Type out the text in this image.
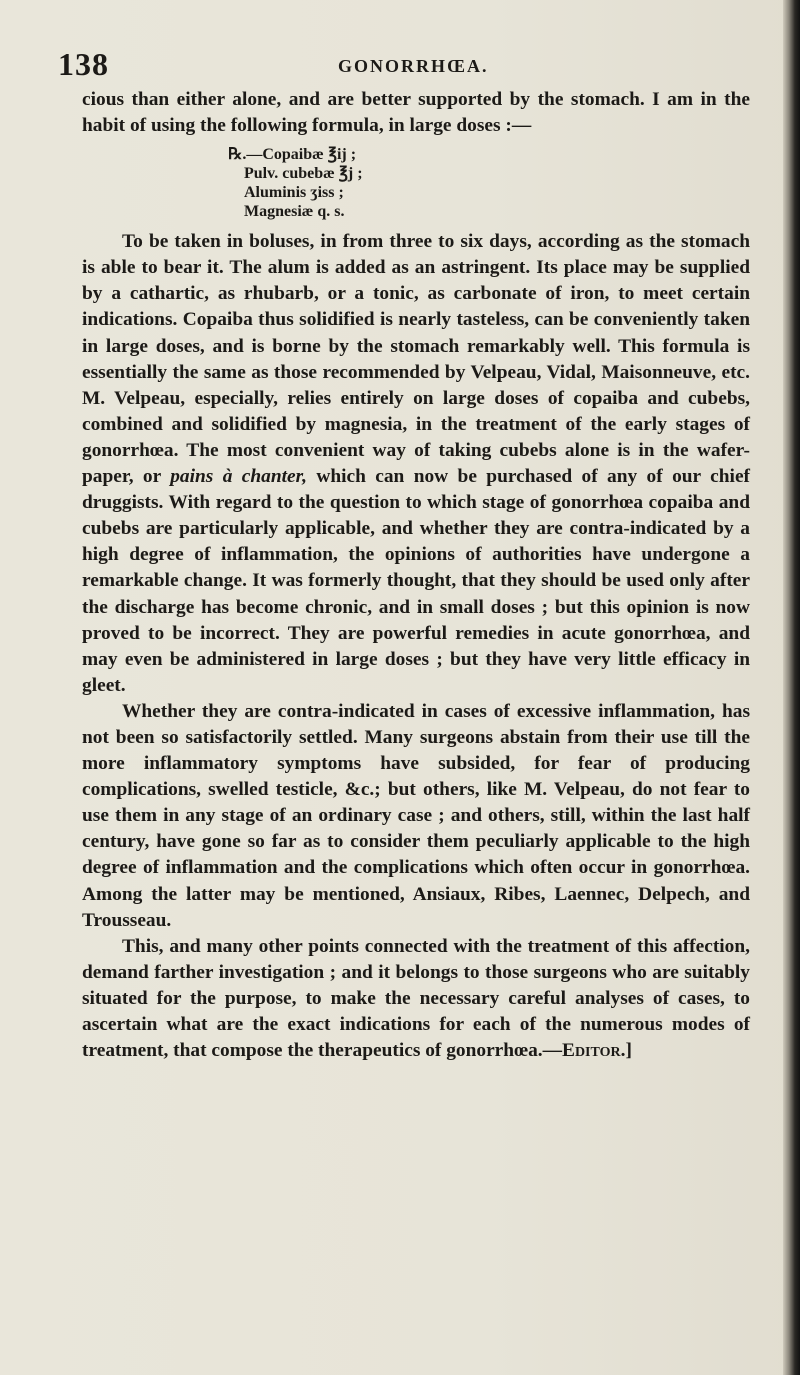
138	GONORRHŒA.

cious than either alone, and are better supported by the stomach. I am in the habit of using the following formula, in large doses :—

℞.—Copaibæ ℥ij ;
Pulv. cubebæ ℥j ;
Aluminis ʒiss ;
Magnesiæ q. s.

To be taken in boluses, in from three to six days, according as the stomach is able to bear it. The alum is added as an astringent. Its place may be supplied by a cathartic, as rhubarb, or a tonic, as carbonate of iron, to meet certain indications. Copaiba thus solidified is nearly tasteless, can be conveniently taken in large doses, and is borne by the stomach remarkably well. This formula is essentially the same as those recommended by Velpeau, Vidal, Maisonneuve, etc. M. Velpeau, especially, relies entirely on large doses of copaiba and cubebs, combined and solidified by magnesia, in the treatment of the early stages of gonorrhœa. The most convenient way of taking cubebs alone is in the wafer-paper, or pains à chanter, which can now be purchased of any of our chief druggists. With regard to the question to which stage of gonorrhœa copaiba and cubebs are particularly applicable, and whether they are contra-indicated by a high degree of inflammation, the opinions of authorities have undergone a remarkable change. It was formerly thought, that they should be used only after the discharge has become chronic, and in small doses ; but this opinion is now proved to be incorrect. They are powerful remedies in acute gonorrhœa, and may even be administered in large doses ; but they have very little efficacy in gleet.

Whether they are contra-indicated in cases of excessive inflammation, has not been so satisfactorily settled. Many surgeons abstain from their use till the more inflammatory symptoms have subsided, for fear of producing complications, swelled testicle, &c.; but others, like M. Velpeau, do not fear to use them in any stage of an ordinary case ; and others, still, within the last half century, have gone so far as to consider them peculiarly applicable to the high degree of inflammation and the complications which often occur in gonorrhœa. Among the latter may be mentioned, Ansiaux, Ribes, Laennec, Delpech, and Trousseau.

This, and many other points connected with the treatment of this affection, demand farther investigation ; and it belongs to those surgeons who are suitably situated for the purpose, to make the necessary careful analyses of cases, to ascertain what are the exact indications for each of the numerous modes of treatment, that compose the therapeutics of gonorrhœa.—Editor.]
